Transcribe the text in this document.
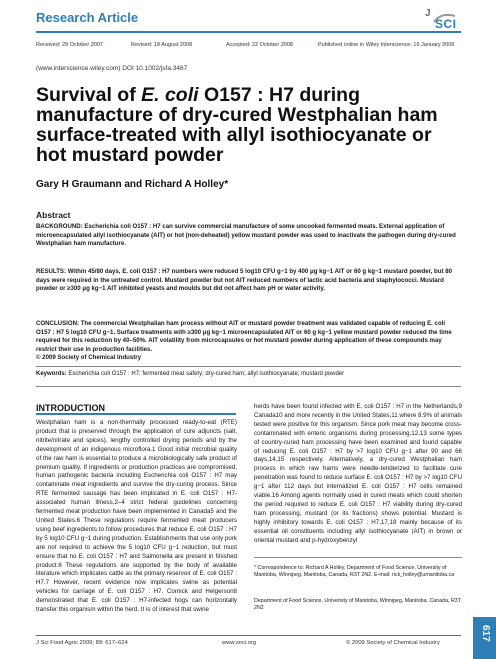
Research Article	J
SCI
Received: 29 October 2007	Revised: 18 August 2008	Accepted: 22 October 2008	Published online in Wiley Interscience: 16 January 2009
(www.interscience.wiley.com) DOI 10.1002/jsfa.3487
Survival of E. coli O157 : H7 during manufacture of dry-cured Westphalian ham surface-treated with allyl isothiocyanate or hot mustard powder
Gary H Graumann and Richard A Holley*
Abstract

BACKGROUND: Escherichia coli O157 : H7 can survive commercial manufacture of some uncooked fermented meats. External application of microencapsulated allyl isothiocyanate (AIT) or hot (non-deheated) yellow mustard powder was used to inactivate the pathogen during dry-cured Westphalian ham manufacture.

RESULTS: Within 45/80 days, E. coli O157 : H7 numbers were reduced 5 log10 CFU g−1 by 400 μg kg−1 AIT or 60 g kg−1 mustard powder, but 80 days were required in the untreated control. Mustard powder but not AIT reduced numbers of lactic acid bacteria and staphylococci. Mustard powder or ≥300 μg kg−1 AIT inhibited yeasts and moulds but did not affect ham pH or water activity.

CONCLUSION: The commercial Westphalian ham process without AIT or mustard powder treatment was validated capable of reducing E. coli O157 : H7 5 log10 CFU g−1. Surface treatments with ≥300 μg kg−1 microencapsulated AIT or 60 g kg−1 yellow mustard powder reduced the time required for this reduction by 40–50%. AIT volatility from microcapsules or hot mustard powder during application of these compounds may restrict their use in production facilities.
© 2009 Society of Chemical Industry

Keywords: Escherichia coli O157 : H7; fermented meat safety; dry-cured ham; allyl isothiocyanate; mustard powder
INTRODUCTION

Westphalian ham is a non-thermally processed ready-to-eat (RTE) product that is preserved through the application of cure adjuncts (salt, nitrite/nitrate and spices), lengthy controlled drying periods and by the development of an indigenous microflora.1 Good initial microbial quality of the raw ham is essential to produce a microbiologically safe product of premium quality. If ingredients or production practices are compromised, human pathogenic bacteria including Escherichia coli O157 : H7 may contaminate meat ingredients and survive the dry-curing process. Since RTE fermented sausage has been implicated in E. coli O157 : H7-associated human illness,2–4 strict federal guidelines concerning fermented meat production have been implemented in Canada5 and the United States.6 These regulations require fermented meat producers using beef ingredients to follow procedures that reduce E. coli O157 : H7 by 5 log10 CFU g−1 during production. Establishments that use only pork are not required to achieve the 5 log10 CFU g−1 reduction, but must ensure that no E. coli O157 : H7 and Salmonella are present in finished product.6 These regulations are supported by the body of available literature which implicates cattle as the primary reservoir of E. coli O157 : H7.7 However, recent evidence now implicates swine as potential vehicles for carriage of E. coli O157 : H7. Cornick and Helgerson8 demonstrated that E. coli O157 : H7-infected hogs can horizontally transfer this organism within the herd. It is of interest that swine

herds have been found infected with E. coli O157 : H7 in the Netherlands,9 Canada10 and more recently in the United States,11 where 8.9% of animals tested were positive for this organism. Since pork meat may become cross-contaminated with enteric organisms during processing,12,13 some types of country-cured ham processing have been examined and found capable of reducing E. coli O157 : H7 by >7 log10 CFU g−1 after 90 and 66 days,14,15 respectively. Alternatively, a dry-cured Westphalian ham process in which raw hams were needle-tenderized to facilitate cure penetration was found to reduce surface E. coli O157 : H7 by >7 log10 CFU g−1 after 112 days but internalized E. coli O157 : H7 cells remained viable.16 Among agents normally used in cured meats which could shorten the period required to reduce E. coli O157 : H7 viability during dry-cured ham processing, mustard (or its fractions) shows potential. Mustard is highly inhibitory towards E. coli O157 : H7,17,18 mainly because of its essential oil constituents including allyl isothiocyanate (AIT) in brown or oriental mustard and p-hydroxybenzyl

* Correspondence to: Richard A Holley, Department of Food Science, University of Manitoba, Winnipeg, Manitoba, Canada, R3T 2N2. E-mail: rick_holley@umanitoba.ca

Department of Food Science, University of Manitoba, Winnipeg, Manitoba, Canada, R3T 2N2

617
J Sci Food Agric 2009; 89: 617–624	www.soci.org	© 2009 Society of Chemical Industry
